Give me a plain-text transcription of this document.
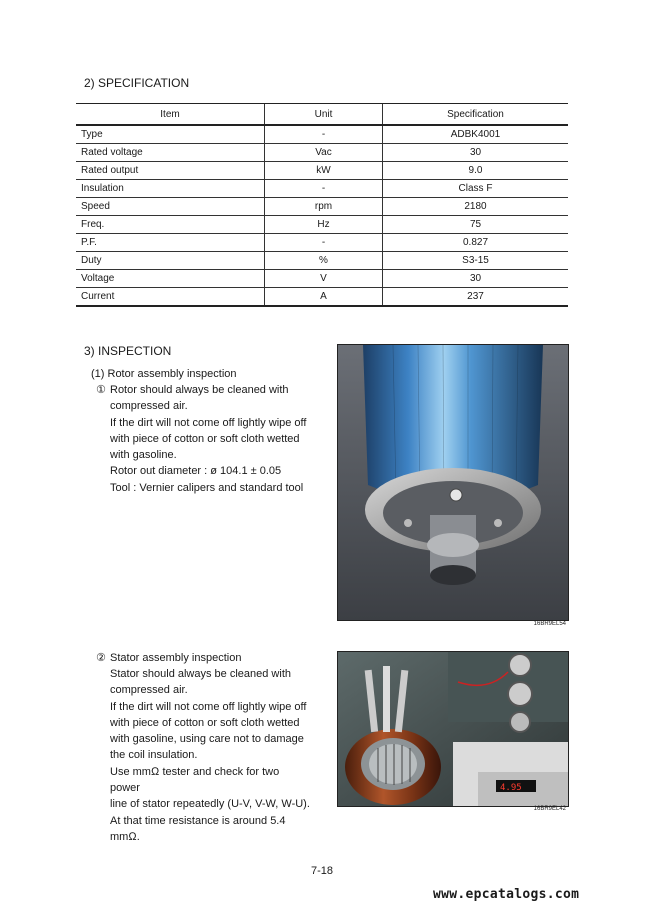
2) SPECIFICATION
Item	Unit	Specification
Type	-	ADBK4001
Rated voltage	Vac	30
Rated output	kW	9.0
Insulation	-	Class F
Speed	rpm	2180
Freq.	Hz	75
P.F.	-	0.827
Duty	%	S3-15
Voltage	V	30
Current	A	237
3) INSPECTION
(1) Rotor assembly inspection
① Rotor should always be cleaned with
compressed air.
If the dirt will not come off lightly wipe off
with piece of cotton or soft cloth wetted
with gasoline.
Rotor out diameter : ø 104.1 ± 0.05
Tool : Vernier calipers and standard tool
16BR9EL54
② Stator assembly inspection
Stator should always be cleaned with
compressed air.
If the dirt will not come off lightly wipe off
with piece of cotton or soft cloth wetted
with gasoline, using care not to damage
the coil insulation.
Use mmΩ tester and check for two power
line of stator repeatedly (U-V, V-W, W-U).
At that time resistance is around 5.4
mmΩ.
4.95
16BR9EL42
7-18
www.epcatalogs.com
